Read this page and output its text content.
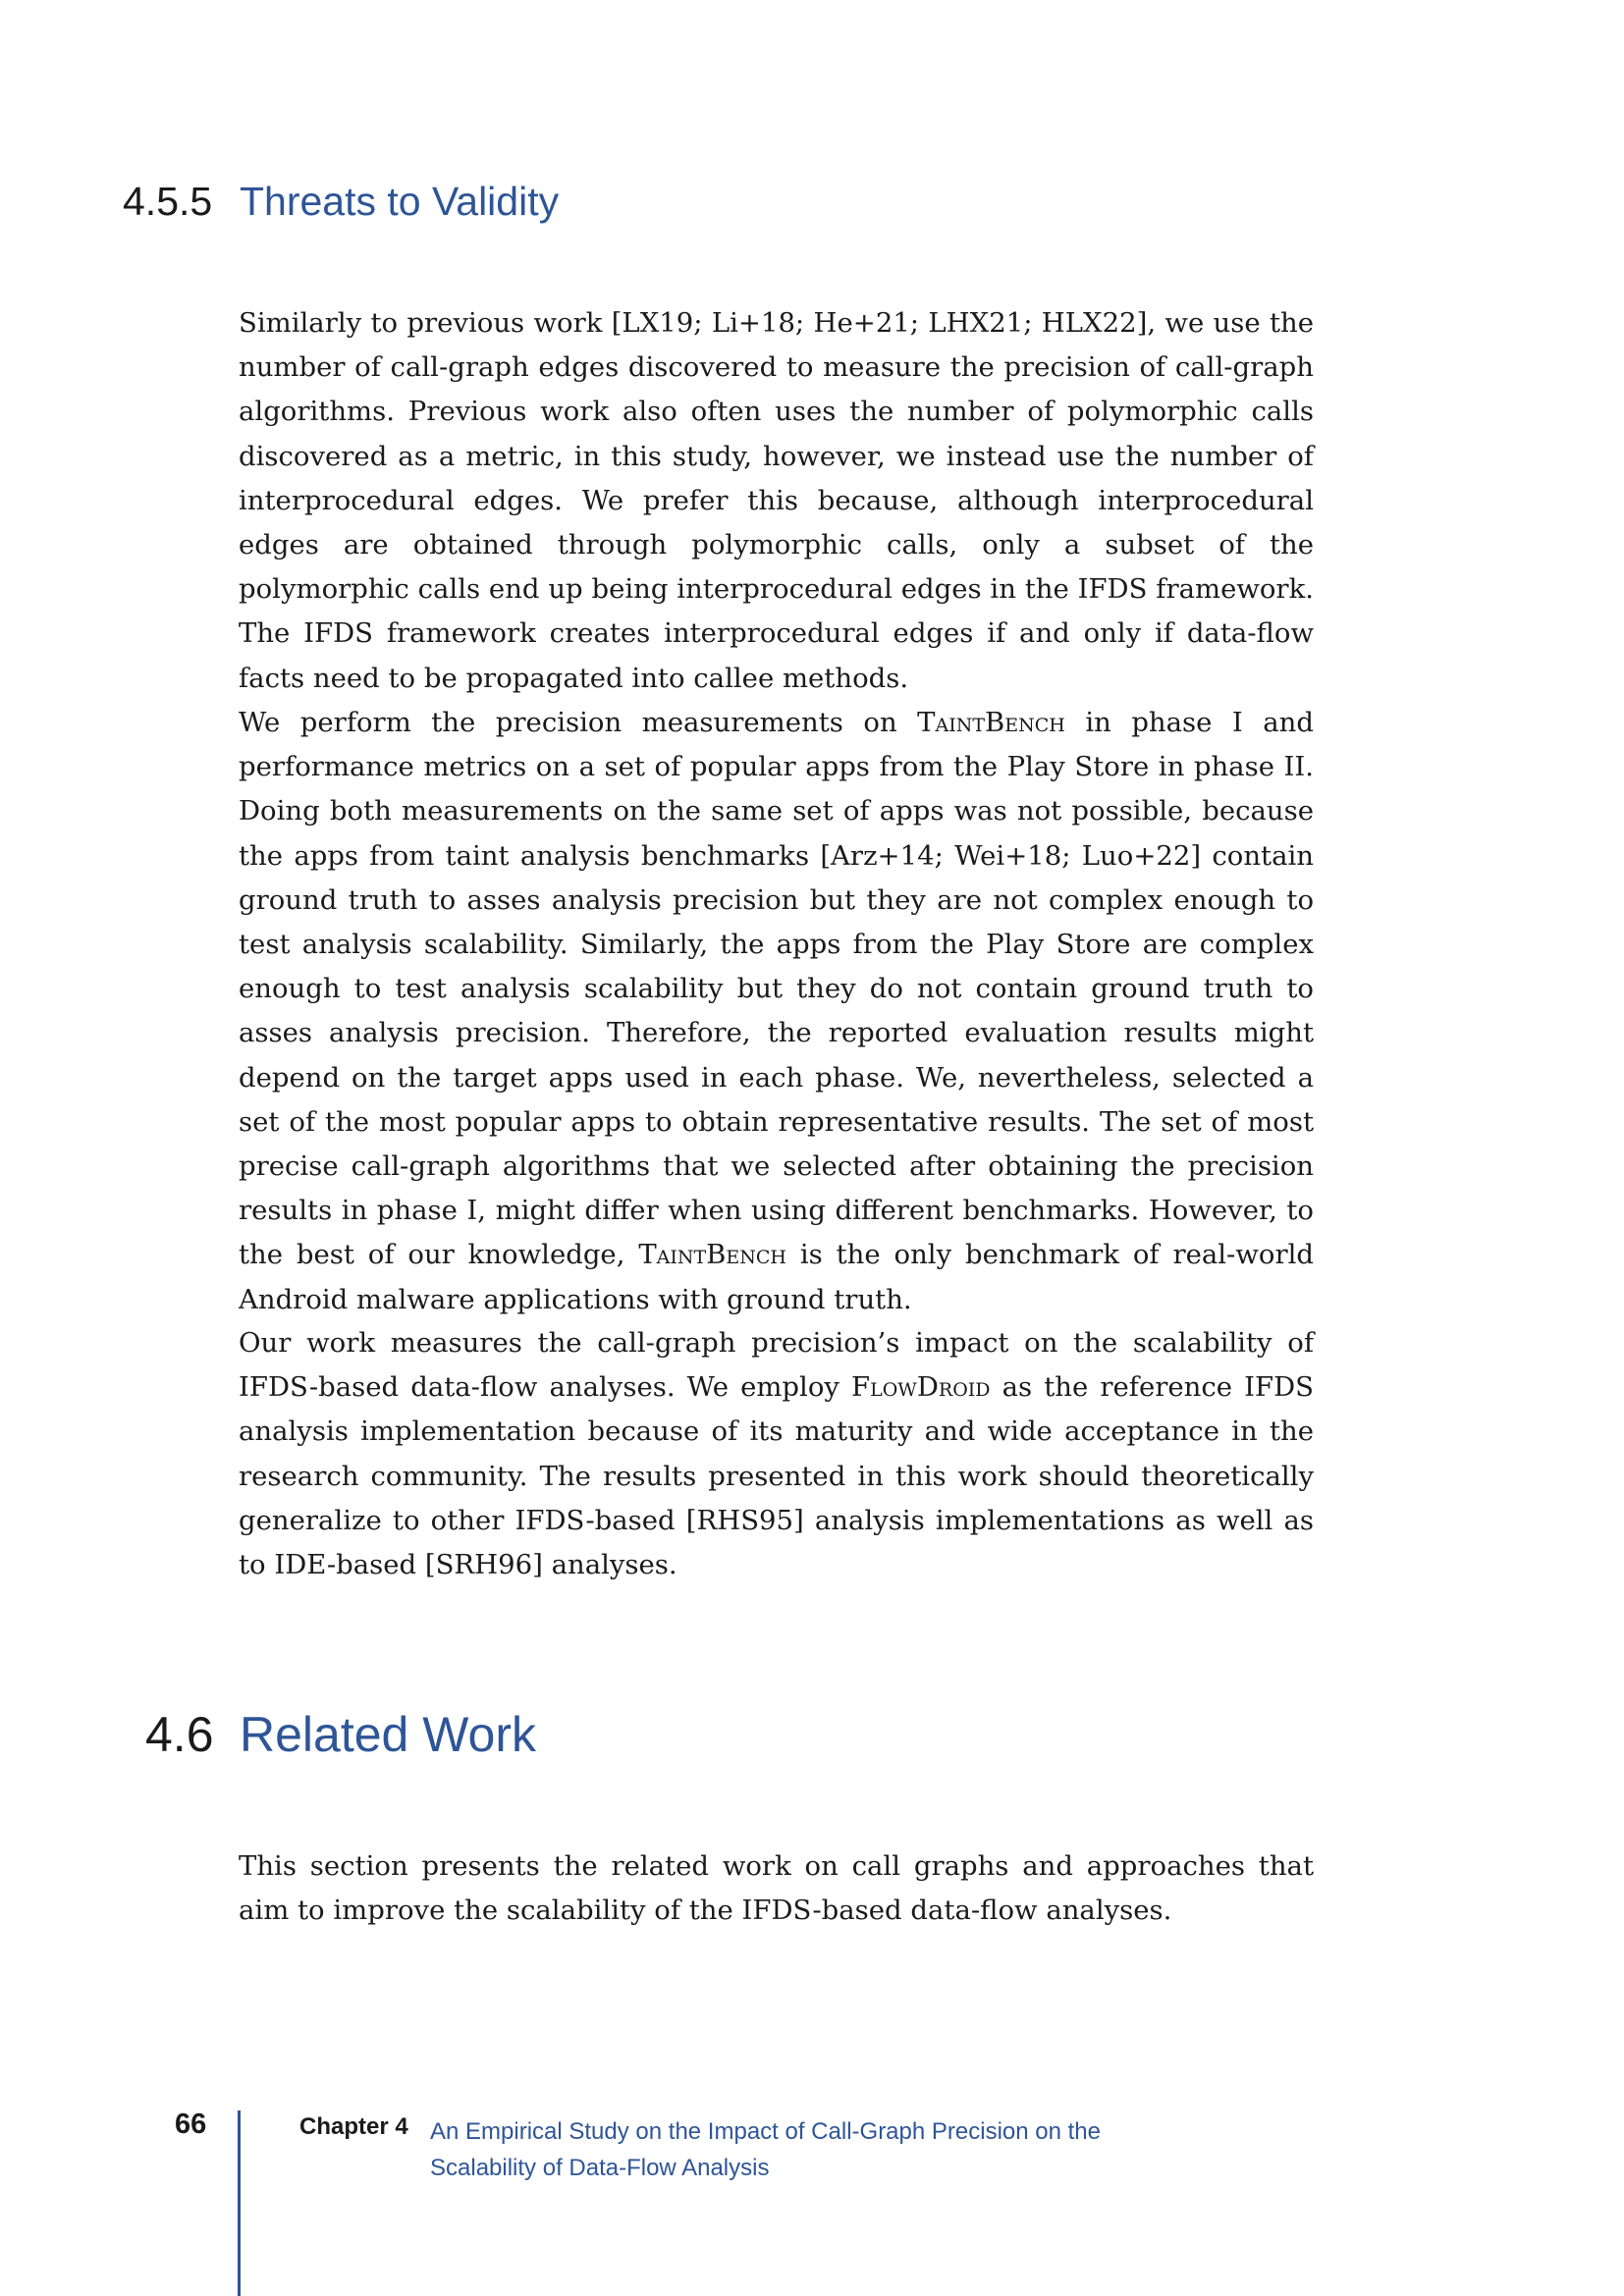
4.5.5 Threats to Validity

Similarly to previous work [LX19; Li+18; He+21; LHX21; HLX22], we use the number of call-graph edges discovered to measure the precision of call-graph algorithms. Previous work also often uses the number of polymorphic calls discovered as a metric, in this study, however, we instead use the number of interprocedural edges. We prefer this because, although interprocedural edges are obtained through polymorphic calls, only a subset of the polymorphic calls end up being interprocedural edges in the IFDS framework. The IFDS framework creates interprocedural edges if and only if data-flow facts need to be propagated into callee methods.

We perform the precision measurements on TaintBench in phase I and performance metrics on a set of popular apps from the Play Store in phase II. Doing both measurements on the same set of apps was not possible, because the apps from taint analysis benchmarks [Arz+14; Wei+18; Luo+22] contain ground truth to asses analysis precision but they are not complex enough to test analysis scalability. Similarly, the apps from the Play Store are complex enough to test analysis scalability but they do not contain ground truth to asses analysis precision. Therefore, the reported evaluation results might depend on the target apps used in each phase. We, nevertheless, selected a set of the most popular apps to obtain representative results. The set of most precise call-graph algorithms that we selected after obtaining the precision results in phase I, might differ when using different benchmarks. However, to the best of our knowledge, TaintBench is the only benchmark of real-world Android malware applications with ground truth.

Our work measures the call-graph precision’s impact on the scalability of IFDS-based data-flow analyses. We employ FlowDroid as the reference IFDS analysis implementation because of its maturity and wide acceptance in the research community. The results presented in this work should theoretically generalize to other IFDS-based [RHS95] analysis implementations as well as to IDE-based [SRH96] analyses.

4.6 Related Work

This section presents the related work on call graphs and approaches that aim to improve the scalability of the IFDS-based data-flow analyses.

66	Chapter 4 An Empirical Study on the Impact of Call-Graph Precision on the Scalability of Data-Flow Analysis
